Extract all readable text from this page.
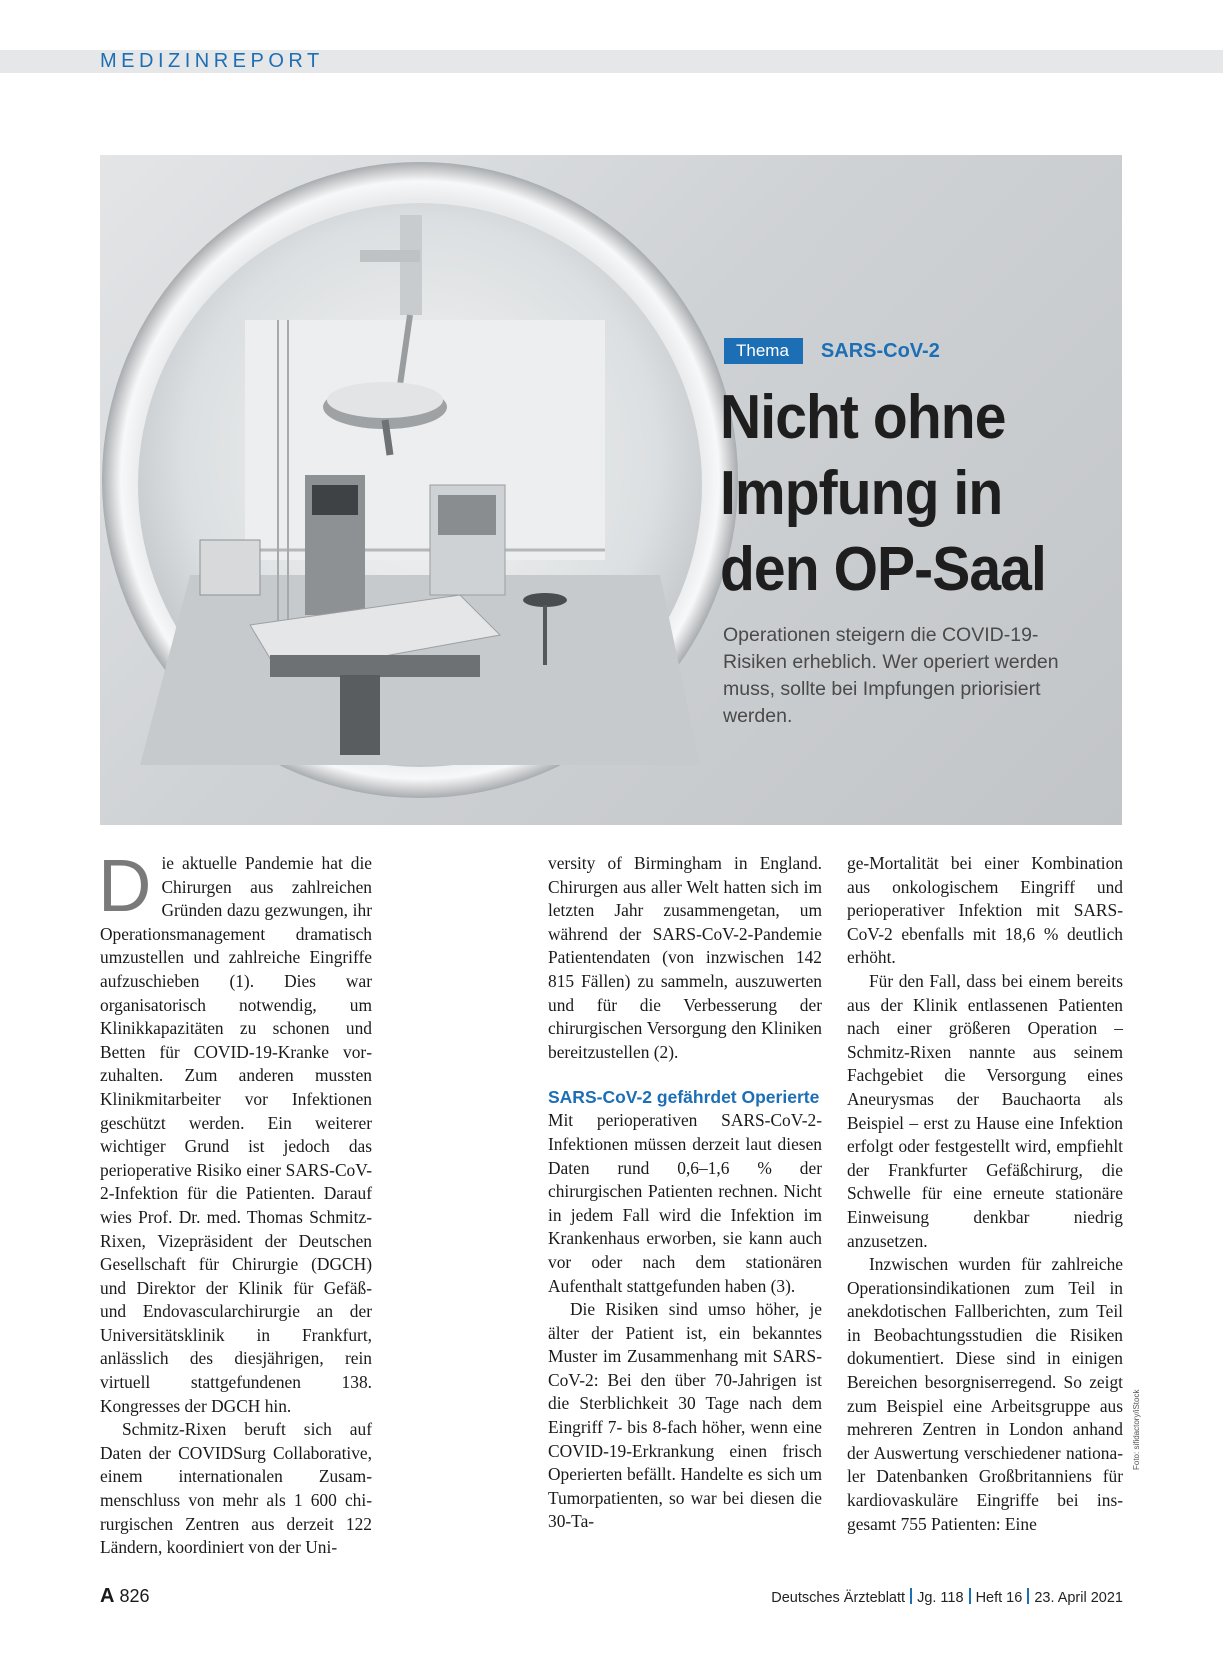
MEDIZINREPORT
Thema	SARS-CoV-2
Nicht ohne
Impfung in
den OP-Saal
Operationen steigern die COVID-19-
Risiken erheblich. Wer operiert werden
muss, sollte bei Impfungen priorisiert
werden.

Die aktuelle Pandemie hat die Chirurgen aus zahlreichen Gründen dazu gezwungen, ihr Operationsmanagement dramatisch umzustellen und zahlreiche Eingriffe aufzuschieben (1). Dies war organisatorisch notwendig, um Klinikkapazitäten zu schonen und Betten für COVID-19-Kranke vorzuhalten. Zum anderen mussten Klinikmitarbeiter vor Infektionen geschützt werden. Ein weiterer wichtiger Grund ist jedoch das perioperative Risiko einer SARS-CoV-2-Infektion für die Patienten. Darauf wies Prof. Dr. med. Thomas Schmitz-Rixen, Vizepräsident der Deutschen Gesellschaft für Chirurgie (DGCH) und Direktor der Klinik für Gefäß- und Endovascularchirurgie an der Universitätsklinik in Frankfurt, anlässlich des diesjährigen, rein virtuell stattgefundenen 138. Kongresses der DGCH hin.

Schmitz-Rixen beruft sich auf Daten der COVIDSurg Collaborative, einem internationalen Zusammenschluss von mehr als 1 600 chirurgischen Zentren aus derzeit 122 Ländern, koordiniert von der Uni-

versity of Birmingham in England. Chirurgen aus aller Welt hatten sich im letzten Jahr zusammengetan, um während der SARS-CoV-2-Pandemie Patientendaten (von inzwischen 142 815 Fällen) zu sammeln, auszuwerten und für die Verbesserung der chirurgischen Versorgung den Kliniken bereitzustellen (2).

SARS-CoV-2 gefährdet Operierte

Mit perioperativen SARS-CoV-2-Infektionen müssen derzeit laut diesen Daten rund 0,6–1,6 % der chirurgischen Patienten rechnen. Nicht in jedem Fall wird die Infektion im Krankenhaus erworben, sie kann auch vor oder nach dem stationären Aufenthalt stattgefunden haben (3).

Die Risiken sind umso höher, je älter der Patient ist, ein bekanntes Muster im Zusammenhang mit SARS-CoV-2: Bei den über 70-Jahrigen ist die Sterblichkeit 30 Tage nach dem Eingriff 7- bis 8-fach höher, wenn eine COVID-19-Erkrankung einen frisch Operierten befällt. Handelte es sich um Tumorpatienten, so war bei diesen die 30-Ta-

ge-Mortalität bei einer Kombination aus onkologischem Eingriff und perioperativer Infektion mit SARS-CoV-2 ebenfalls mit 18,6 % deutlich erhöht.

Für den Fall, dass bei einem bereits aus der Klinik entlassenen Patienten nach einer größeren Operation – Schmitz-Rixen nannte aus seinem Fachgebiet die Versorgung eines Aneurysmas der Bauchaorta als Beispiel – erst zu Hause eine Infektion erfolgt oder festgestellt wird, empfiehlt der Frankfurter Gefäßchirurg, die Schwelle für eine erneute stationäre Einweisung denkbar niedrig anzusetzen.

Inzwischen wurden für zahlreiche Operationsindikationen zum Teil in anekdotischen Fallberichten, zum Teil in Beobachtungsstudien die Risiken dokumentiert. Diese sind in einigen Bereichen besorgniserregend. So zeigt zum Beispiel eine Arbeitsgruppe aus mehreren Zentren in London anhand der Auswertung verschiedener nationaler Datenbanken Großbritanniens für kardiovaskuläre Eingriffe bei ins-gesamt 755 Patienten: Eine

Foto: sifidactory/iStock
A 826	Deutsches Ärzteblatt Jg. 118 Heft 16 23. April 2021
